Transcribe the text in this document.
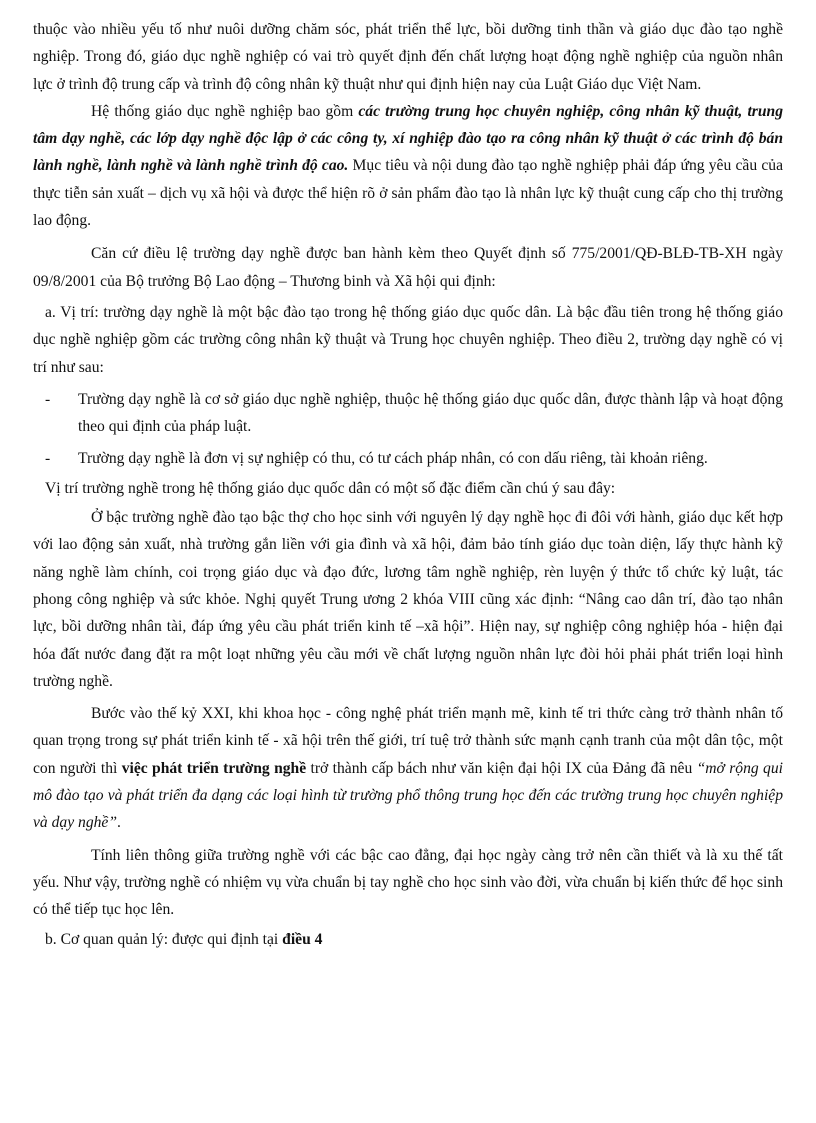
thuộc vào nhiều yếu tố như nuôi dưỡng chăm sóc, phát triển thể lực, bồi dưỡng tinh thần và giáo dục đào tạo nghề nghiệp. Trong đó, giáo dục nghề nghiệp có vai trò quyết định đến chất lượng hoạt động nghề nghiệp của nguồn nhân lực ở trình độ trung cấp và trình độ công nhân kỹ thuật như qui định hiện nay của Luật Giáo dục Việt Nam.

Hệ thống giáo dục nghề nghiệp bao gồm các trường trung học chuyên nghiệp, công nhân kỹ thuật, trung tâm dạy nghề, các lớp dạy nghề độc lập ở các công ty, xí nghiệp đào tạo ra công nhân kỹ thuật ở các trình độ bán lành nghề, lành nghề và lành nghề trình độ cao. Mục tiêu và nội dung đào tạo nghề nghiệp phải đáp ứng yêu cầu của thực tiễn sản xuất – dịch vụ xã hội và được thể hiện rõ ở sản phẩm đào tạo là nhân lực kỹ thuật cung cấp cho thị trường lao động.

Căn cứ điều lệ trường dạy nghề được ban hành kèm theo Quyết định số 775/2001/QĐ-BLĐ-TB-XH ngày 09/8/2001 của Bộ trưởng Bộ Lao động – Thương binh và Xã hội qui định:

a. Vị trí: trường dạy nghề là một bậc đào tạo trong hệ thống giáo dục quốc dân. Là bậc đầu tiên trong hệ thống giáo dục nghề nghiệp gồm các trường công nhân kỹ thuật và Trung học chuyên nghiệp. Theo điều 2, trường dạy nghề có vị trí như sau:

-	Trường dạy nghề là cơ sở giáo dục nghề nghiệp, thuộc hệ thống giáo dục quốc dân, được thành lập và hoạt động theo qui định của pháp luật.
-	Trường dạy nghề là đơn vị sự nghiệp có thu, có tư cách pháp nhân, có con dấu riêng, tài khoản riêng.

Vị trí trường nghề trong hệ thống giáo dục quốc dân có một số đặc điểm cần chú ý sau đây:

Ở bậc trường nghề đào tạo bậc thợ cho học sinh với nguyên lý dạy nghề học đi đôi với hành, giáo dục kết hợp với lao động sản xuất, nhà trường gắn liền với gia đình và xã hội, đảm bảo tính giáo dục toàn diện, lấy thực hành kỹ năng nghề làm chính, coi trọng giáo dục và đạo đức, lương tâm nghề nghiệp, rèn luyện ý thức tổ chức kỷ luật, tác phong công nghiệp và sức khỏe. Nghị quyết Trung ương 2 khóa VIII cũng xác định: “Nâng cao dân trí, đào tạo nhân lực, bồi dưỡng nhân tài, đáp ứng yêu cầu phát triển kinh tế –xã hội”. Hiện nay, sự nghiệp công nghiệp hóa - hiện đại hóa đất nước đang đặt ra một loạt những yêu cầu mới về chất lượng nguồn nhân lực đòi hỏi phải phát triển loại hình trường nghề.

Bước vào thế kỷ XXI, khi khoa học - công nghệ phát triển mạnh mẽ, kinh tế tri thức càng trở thành nhân tố quan trọng trong sự phát triển kinh tế - xã hội trên thế giới, trí tuệ trở thành sức mạnh cạnh tranh của một dân tộc, một con người thì việc phát triển trường nghề trở thành cấp bách như văn kiện đại hội IX của Đảng đã nêu “mở rộng qui mô đào tạo và phát triển đa dạng các loại hình từ trường phổ thông trung học đến các trường trung học chuyên nghiệp và dạy nghề”.

Tính liên thông giữa trường nghề với các bậc cao đẳng, đại học ngày càng trở nên cần thiết và là xu thế tất yếu. Như vậy, trường nghề có nhiệm vụ vừa chuẩn bị tay nghề cho học sinh vào đời, vừa chuẩn bị kiến thức để học sinh có thể tiếp tục học lên.

b. Cơ quan quản lý: được qui định tại điều 4
